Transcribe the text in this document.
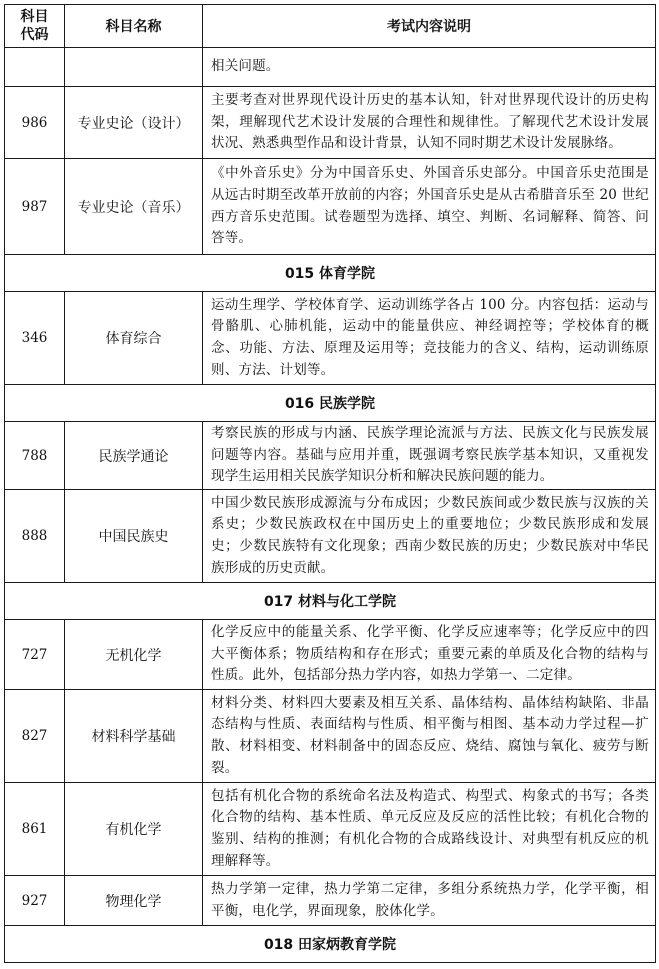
科目
代码	科目名称	考试内容说明
		相关问题。
986	专业史论（设计）	主要考查对世界现代设计历史的基本认知，针对世界现代设计的历史构架，理解现代艺术设计发展的合理性和规律性。了解现代艺术设计发展状况、熟悉典型作品和设计背景，认知不同时期艺术设计发展脉络。
987	专业史论（音乐）	《中外音乐史》分为中国音乐史、外国音乐史部分。中国音乐史范围是从远古时期至改革开放前的内容；外国音乐史是从古希腊音乐至 20 世纪西方音乐史范围。试卷题型为选择、填空、判断、名词解释、简答、问答等。
015 体育学院		
346	体育综合	运动生理学、学校体育学、运动训练学各占 100 分。内容包括：运动与骨骼肌、心肺机能，运动中的能量供应、神经调控等；学校体育的概念、功能、方法、原理及运用等；竞技能力的含义、结构，运动训练原则、方法、计划等。
016 民族学院		
788	民族学通论	考察民族的形成与内涵、民族学理论流派与方法、民族文化与民族发展问题等内容。基础与应用并重，既强调考察民族学基本知识，又重视发现学生运用相关民族学知识分析和解决民族问题的能力。
888	中国民族史	中国少数民族形成源流与分布成因；少数民族间或少数民族与汉族的关系史；少数民族政权在中国历史上的重要地位；少数民族形成和发展史；少数民族特有文化现象；西南少数民族的历史；少数民族对中华民族形成的历史贡献。
017 材料与化工学院		
727	无机化学	化学反应中的能量关系、化学平衡、化学反应速率等；化学反应中的四大平衡体系；物质结构和存在形式；重要元素的单质及化合物的结构与性质。此外，包括部分热力学内容，如热力学第一、二定律。
827	材料科学基础	材料分类、材料四大要素及相互关系、晶体结构、晶体结构缺陷、非晶态结构与性质、表面结构与性质、相平衡与相图、基本动力学过程—扩散、材料相变、材料制备中的固态反应、烧结、腐蚀与氧化、疲劳与断裂。
861	有机化学	包括有机化合物的系统命名法及构造式、构型式、构象式的书写；各类化合物的结构、基本性质、单元反应及反应的活性比较；有机化合物的鉴别、结构的推测；有机化合物的合成路线设计、对典型有机反应的机理解释等。
927	物理化学	热力学第一定律，热力学第二定律，多组分系统热力学，化学平衡，相平衡，电化学，界面现象，胶体化学。
018 田家炳教育学院		
